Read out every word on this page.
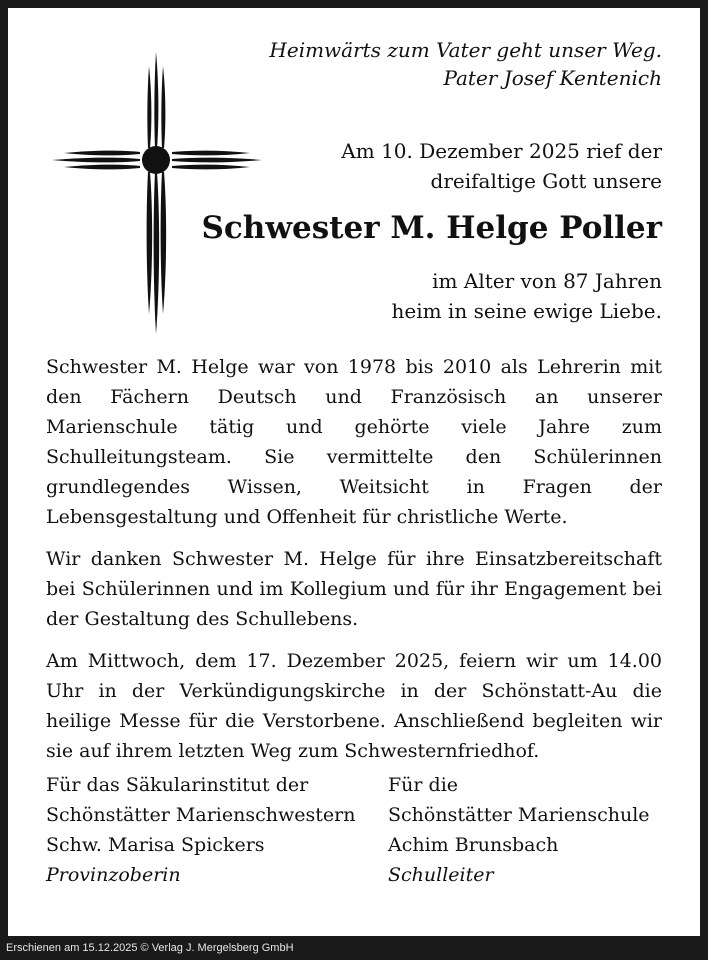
Heimwärts zum Vater geht unser Weg.
Pater Josef Kentenich
Am 10. Dezember 2025 rief der
dreifaltige Gott unsere
Schwester M. Helge Poller
im Alter von 87 Jahren
heim in seine ewige Liebe.

Schwester M. Helge war von 1978 bis 2010 als Lehrerin mit den Fächern Deutsch und Französisch an unserer Marienschule tätig und gehörte viele Jahre zum Schulleitungsteam. Sie vermittelte den Schülerinnen grundlegendes Wissen, Weitsicht in Fragen der Lebensgestaltung und Offenheit für christliche Werte.

Wir danken Schwester M. Helge für ihre Einsatzbereitschaft bei Schülerinnen und im Kollegium und für ihr Engagement bei der Gestaltung des Schullebens.

Am Mittwoch, dem 17. Dezember 2025, feiern wir um 14.00 Uhr in der Verkündigungskirche in der Schönstatt-Au die heilige Messe für die Verstorbene. Anschließend begleiten wir sie auf ihrem letzten Weg zum Schwesternfriedhof.

Für das Säkularinstitut der
Schönstätter Marienschwestern
Schw. Marisa Spickers
Provinzoberin
Für die
Schönstätter Marienschule
Achim Brunsbach
Schulleiter
Erschienen am 15.12.2025 © Verlag J. Mergelsberg GmbH
